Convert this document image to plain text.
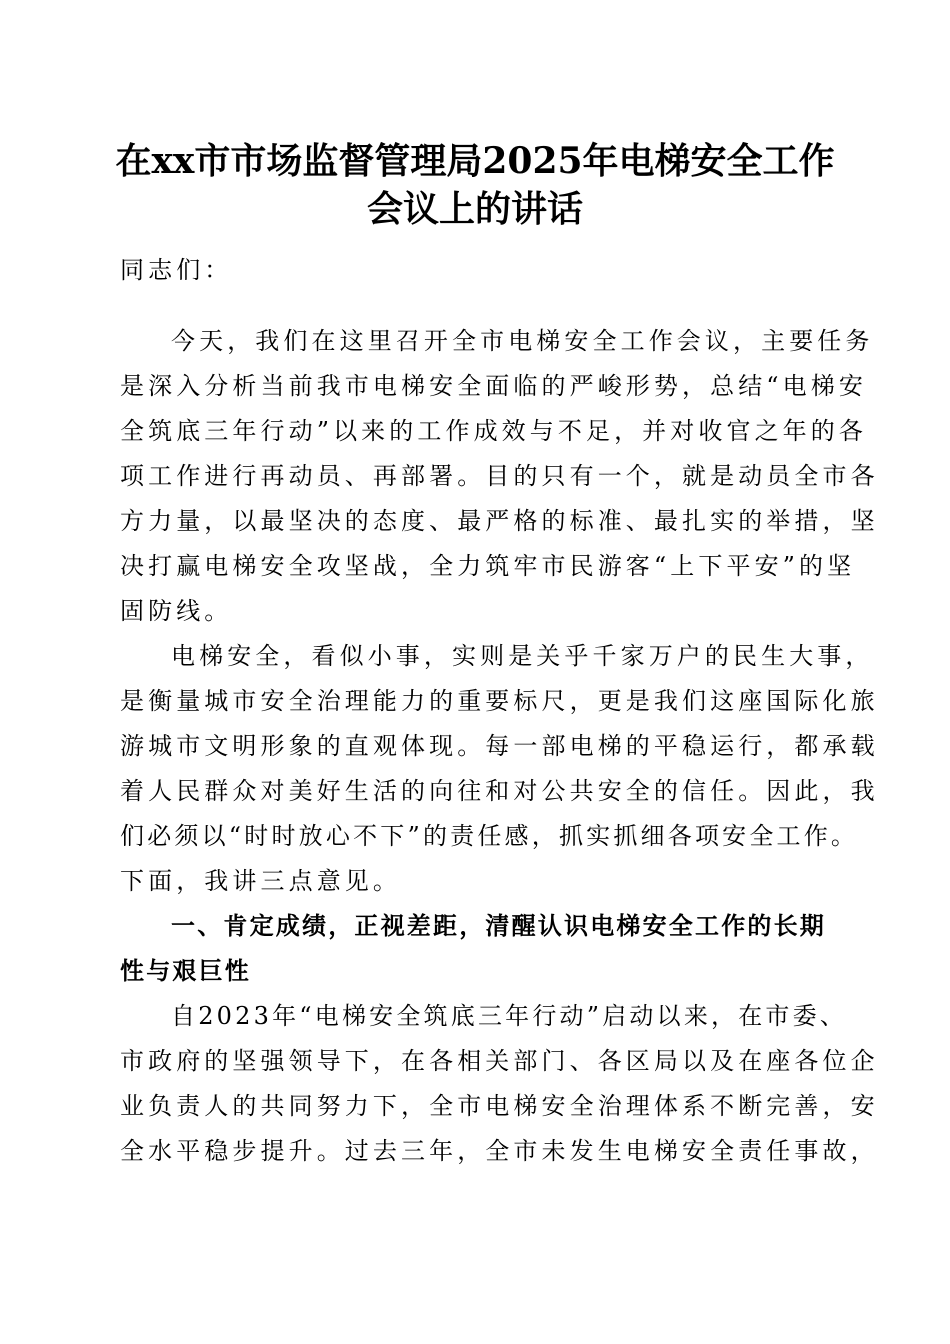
在xx市市场监督管理局2025年电梯安全工作
会议上的讲话
同志们：
今天，我们在这里召开全市电梯安全工作会议，主要任务
是深入分析当前我市电梯安全面临的严峻形势，总结“电梯安
全筑底三年行动”以来的工作成效与不足，并对收官之年的各
项工作进行再动员、再部署。目的只有一个，就是动员全市各
方力量，以最坚决的态度、最严格的标准、最扎实的举措，坚
决打赢电梯安全攻坚战，全力筑牢市民游客“上下平安”的坚
固防线。
电梯安全，看似小事，实则是关乎千家万户的民生大事，
是衡量城市安全治理能力的重要标尺，更是我们这座国际化旅
游城市文明形象的直观体现。每一部电梯的平稳运行，都承载
着人民群众对美好生活的向往和对公共安全的信任。因此，我
们必须以“时时放心不下”的责任感，抓实抓细各项安全工作。
下面，我讲三点意见。
一、肯定成绩，正视差距，清醒认识电梯安全工作的长期
性与艰巨性
自2023年“电梯安全筑底三年行动”启动以来，在市委、
市政府的坚强领导下，在各相关部门、各区局以及在座各位企
业负责人的共同努力下，全市电梯安全治理体系不断完善，安
全水平稳步提升。过去三年，全市未发生电梯安全责任事故，
